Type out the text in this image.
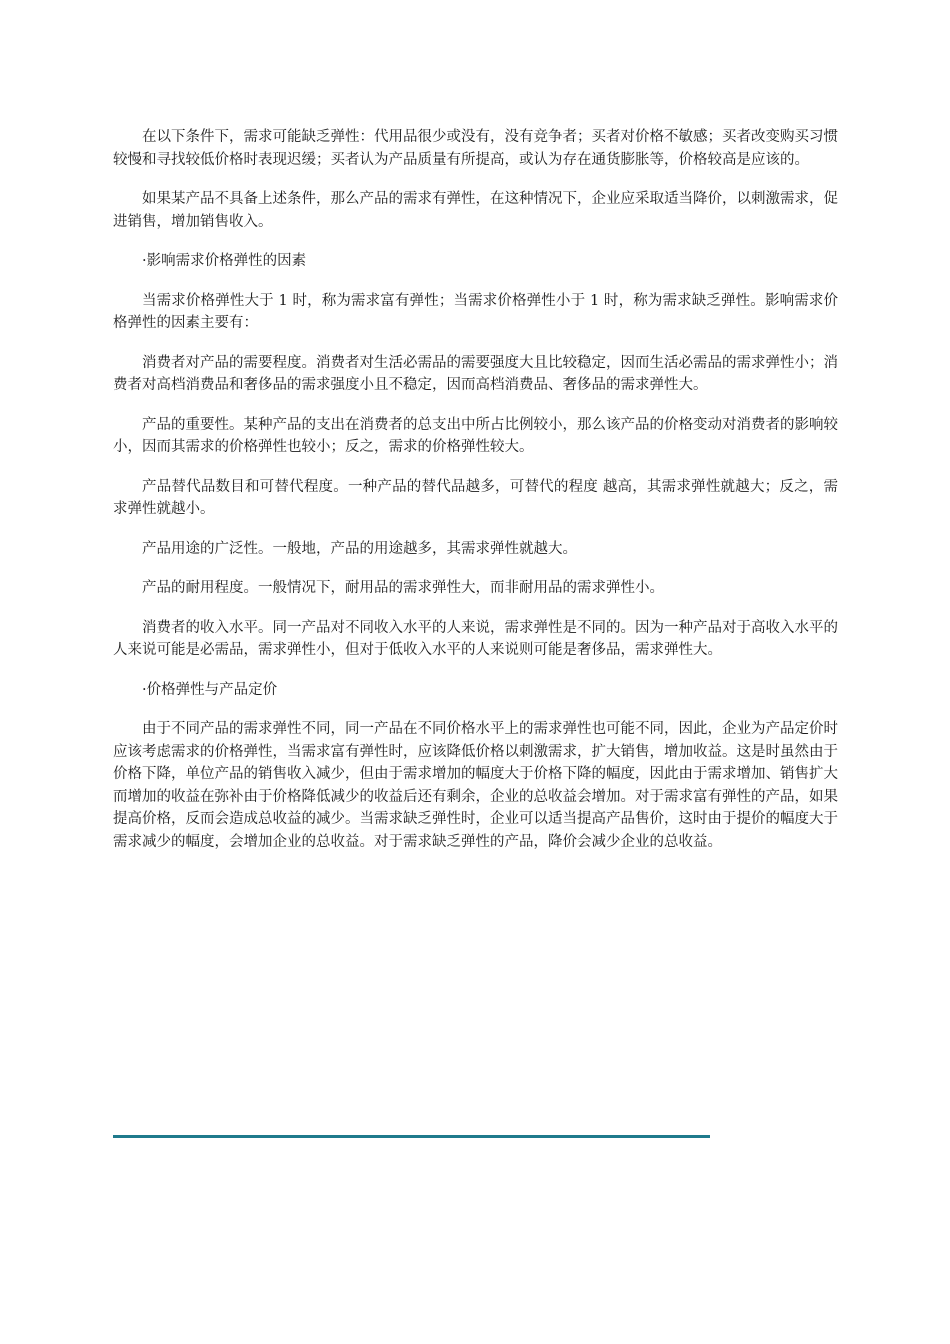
在以下条件下，需求可能缺乏弹性：代用品很少或没有，没有竞争者；买者对价格不敏感；买者改变购买习惯较慢和寻找较低价格时表现迟缓；买者认为产品质量有所提高，或认为存在通货膨胀等，价格较高是应该的。

如果某产品不具备上述条件，那么产品的需求有弹性，在这种情况下，企业应采取适当降价，以刺激需求，促进销售，增加销售收入。

·影响需求价格弹性的因素

当需求价格弹性大于 1 时，称为需求富有弹性；当需求价格弹性小于 1 时，称为需求缺乏弹性。影响需求价格弹性的因素主要有：

消费者对产品的需要程度。消费者对生活必需品的需要强度大且比较稳定，因而生活必需品的需求弹性小；消费者对高档消费品和奢侈品的需求强度小且不稳定，因而高档消费品、奢侈品的需求弹性大。

产品的重要性。某种产品的支出在消费者的总支出中所占比例较小，那么该产品的价格变动对消费者的影响较小，因而其需求的价格弹性也较小；反之，需求的价格弹性较大。

产品替代品数目和可替代程度。一种产品的替代品越多，可替代的程度 越高，其需求弹性就越大；反之，需求弹性就越小。

产品用途的广泛性。一般地，产品的用途越多，其需求弹性就越大。

产品的耐用程度。一般情况下，耐用品的需求弹性大，而非耐用品的需求弹性小。

消费者的收入水平。同一产品对不同收入水平的人来说，需求弹性是不同的。因为一种产品对于高收入水平的人来说可能是必需品，需求弹性小，但对于低收入水平的人来说则可能是奢侈品，需求弹性大。

·价格弹性与产品定价

由于不同产品的需求弹性不同，同一产品在不同价格水平上的需求弹性也可能不同，因此，企业为产品定价时应该考虑需求的价格弹性，当需求富有弹性时，应该降低价格以刺激需求，扩大销售，增加收益。这是时虽然由于价格下降，单位产品的销售收入减少，但由于需求增加的幅度大于价格下降的幅度，因此由于需求增加、销售扩大而增加的收益在弥补由于价格降低减少的收益后还有剩余，企业的总收益会增加。对于需求富有弹性的产品，如果提高价格，反而会造成总收益的减少。当需求缺乏弹性时，企业可以适当提高产品售价，这时由于提价的幅度大于需求减少的幅度，会增加企业的总收益。对于需求缺乏弹性的产品，降价会减少企业的总收益。
